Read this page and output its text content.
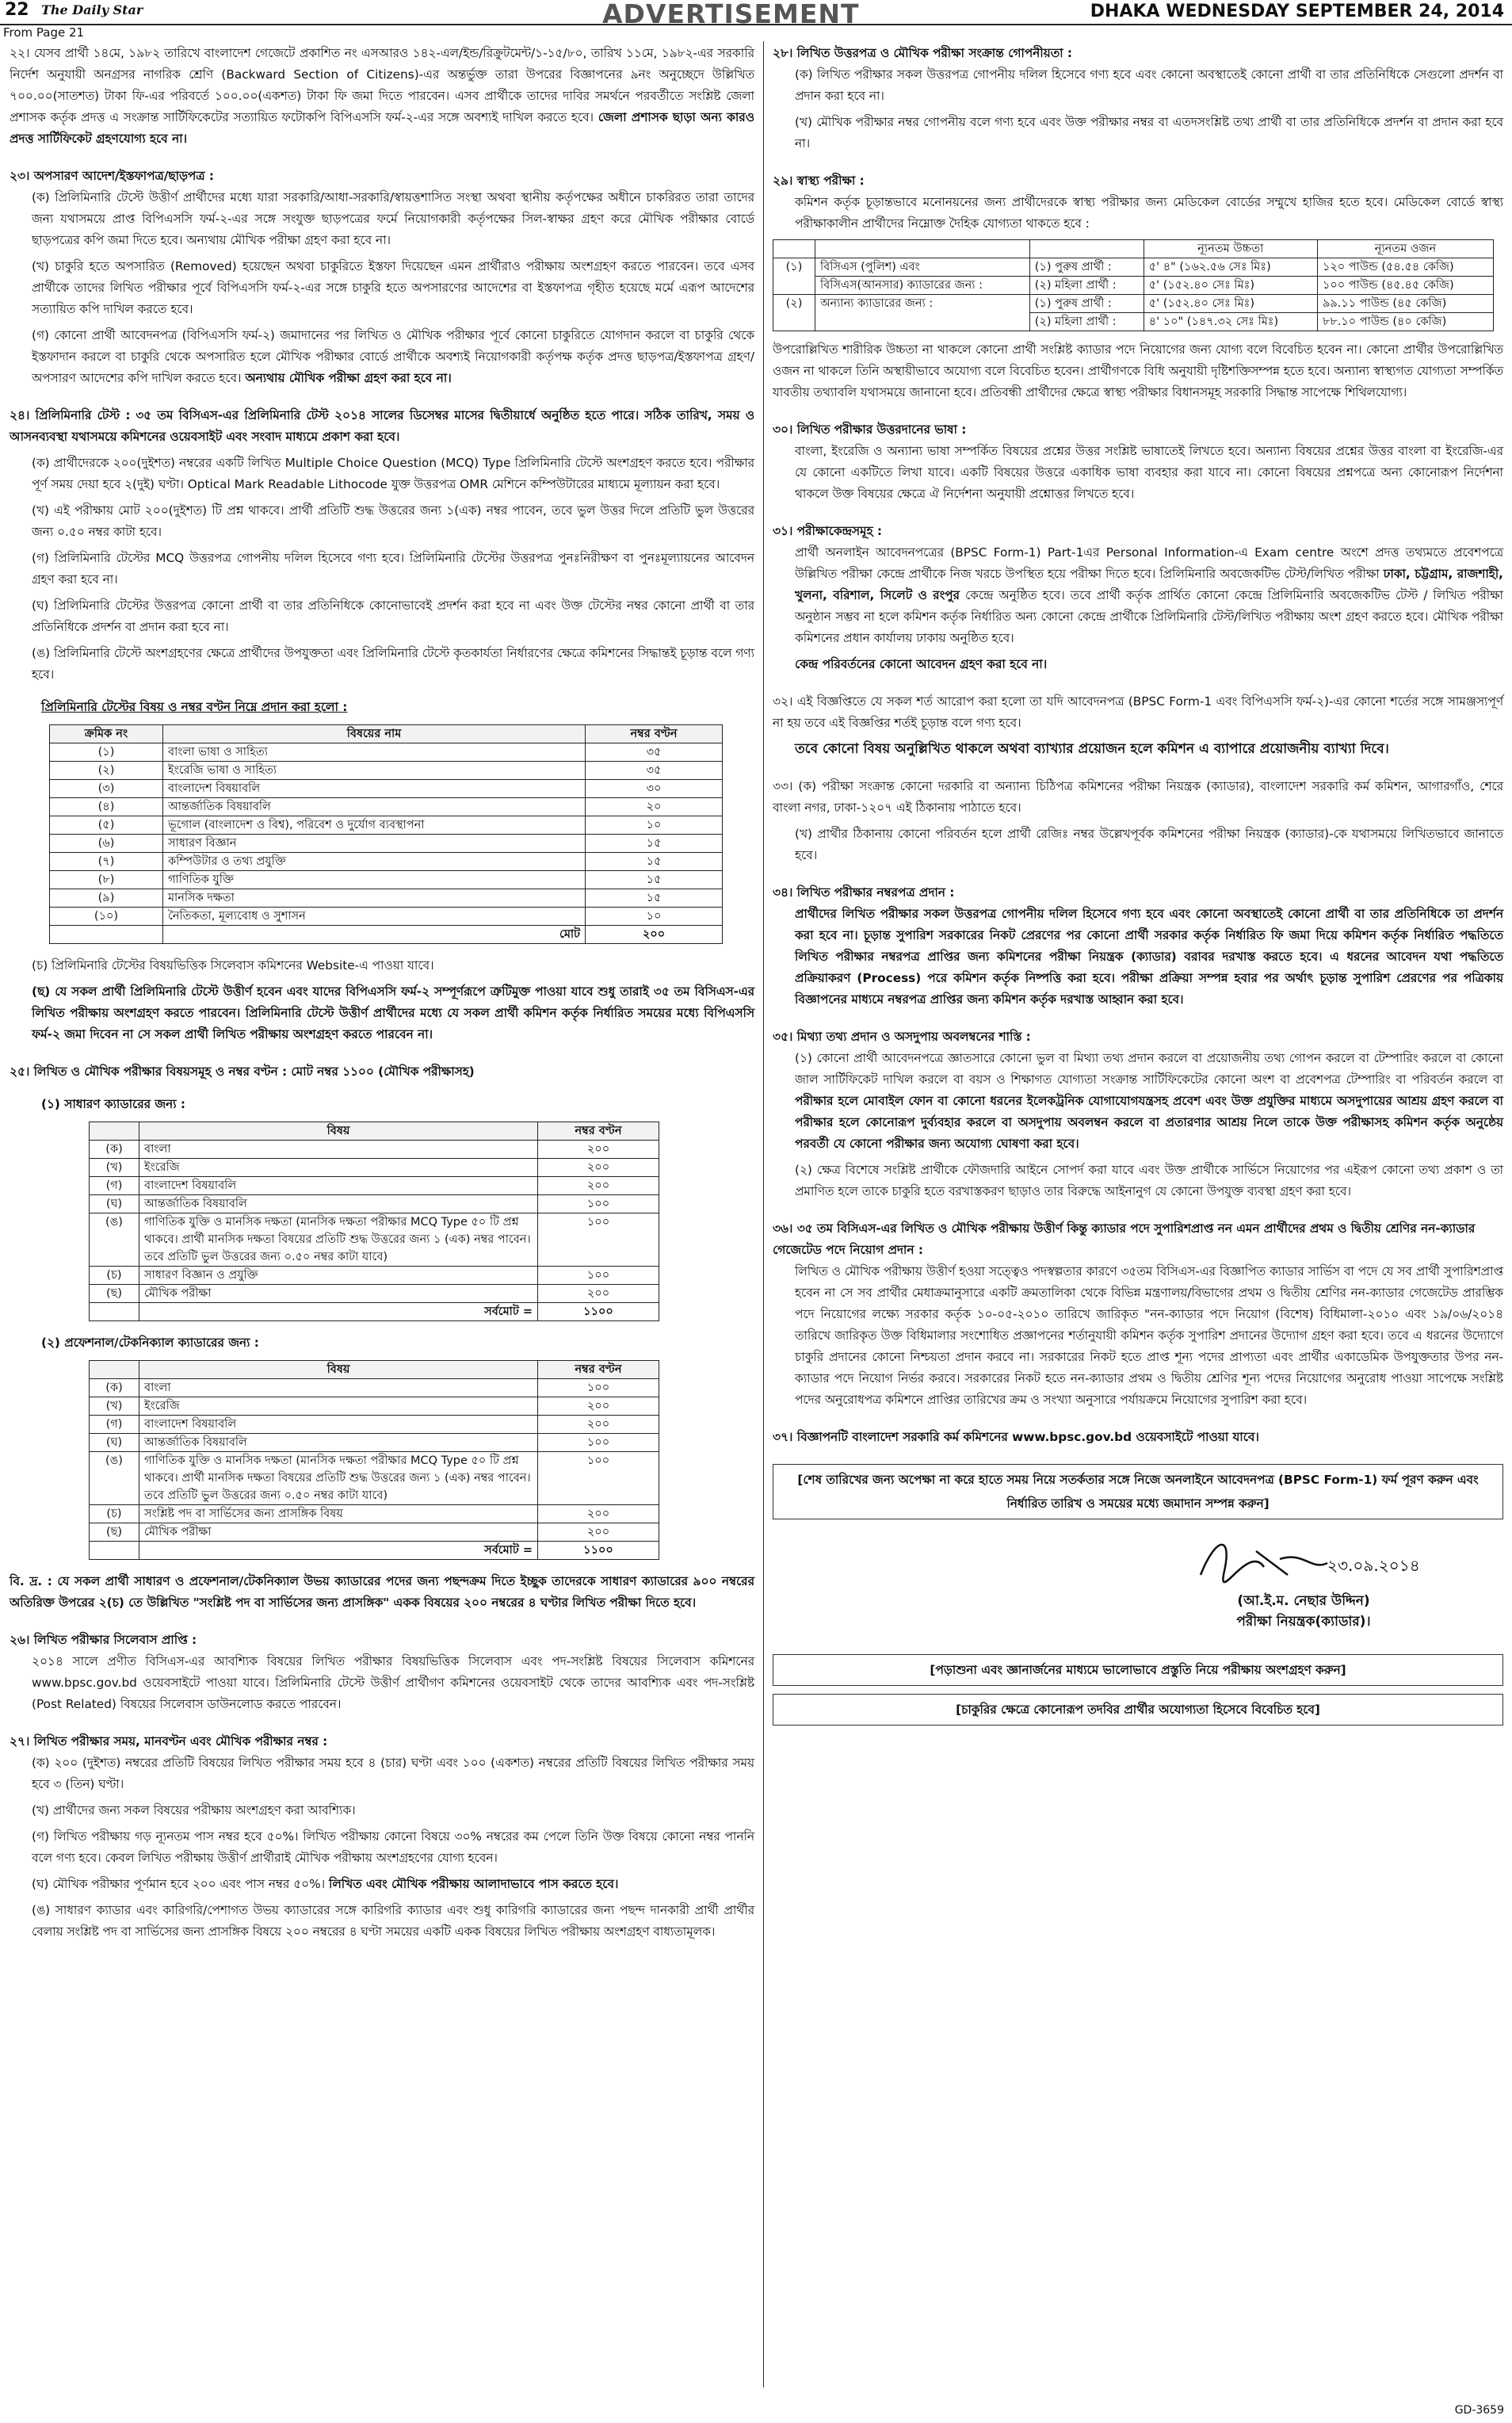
22 The Daily Star	ADVERTISEMENT	DHAKA WEDNESDAY SEPTEMBER 24, 2014
From Page 21

২২। যেসব প্রার্থী ১৪মে, ১৯৮২ তারিখে বাংলাদেশ গেজেটে প্রকাশিত নং এসআরও ১৪২-এল/ইন্ড/রিক্রুটমেন্ট/১-১৫/৮০, তারিখ ১১মে, ১৯৮২-এর সরকারি নির্দেশ অনুযায়ী অনগ্রসর নাগরিক শ্রেণি (Backward Section of Citizens)-এর অন্তর্ভুক্ত তারা উপরের বিজ্ঞাপনের ৯নং অনুচ্ছেদে উল্লিখিত ৭০০.০০(সাতশত) টাকা ফি-এর পরিবর্তে ১০০.০০(একশত) টাকা ফি জমা দিতে পারবেন। এসব প্রার্থীকে তাদের দাবির সমর্থনে পরবর্তীতে সংশ্লিষ্ট জেলা প্রশাসক কর্তৃক প্রদত্ত এ সংক্রান্ত সার্টিফিকেটের সত্যায়িত ফটোকপি বিপিএসসি ফর্ম-২-এর সঙ্গে অবশ্যই দাখিল করতে হবে। জেলা প্রশাসক ছাড়া অন্য কারও প্রদত্ত সার্টিফিকেট গ্রহণযোগ্য হবে না।

২৩। অপসারণ আদেশ/ইস্তফাপত্র/ছাড়পত্র :

(ক) প্রিলিমিনারি টেস্টে উত্তীর্ণ প্রার্থীদের মধ্যে যারা সরকারি/আধা-সরকারি/স্বায়ত্তশাসিত সংস্থা অথবা স্থানীয় কর্তৃপক্ষের অধীনে চাকরিরত তারা তাদের জন্য যথাসময়ে প্রাপ্ত বিপিএসসি ফর্ম-২-এর সঙ্গে সংযুক্ত ছাড়পত্রের ফর্মে নিয়োগকারী কর্তৃপক্ষের সিল-স্বাক্ষর গ্রহণ করে মৌখিক পরীক্ষার বোর্ডে ছাড়পত্রের কপি জমা দিতে হবে। অন্যথায় মৌখিক পরীক্ষা গ্রহণ করা হবে না।

(খ) চাকুরি হতে অপসারিত (Removed) হয়েছেন অথবা চাকুরিতে ইস্তফা দিয়েছেন এমন প্রার্থীরাও পরীক্ষায় অংশগ্রহণ করতে পারবেন। তবে এসব প্রার্থীকে তাদের লিখিত পরীক্ষার পূর্বে বিপিএসসি ফর্ম-২-এর সঙ্গে চাকুরি হতে অপসারণের আদেশের বা ইস্তফাপত্র গৃহীত হয়েছে মর্মে এরূপ আদেশের সত্যায়িত কপি দাখিল করতে হবে।

(গ) কোনো প্রার্থী আবেদনপত্র (বিপিএসসি ফর্ম-২) জমাদানের পর লিখিত ও মৌখিক পরীক্ষার পূর্বে কোনো চাকুরিতে যোগদান করলে বা চাকুরি থেকে ইস্তফাদান করলে বা চাকুরি থেকে অপসারিত হলে মৌখিক পরীক্ষার বোর্ডে প্রার্থীকে অবশ্যই নিয়োগকারী কর্তৃপক্ষ কর্তৃক প্রদত্ত ছাড়পত্র/ইস্তফাপত্র গ্রহণ/অপসারণ আদেশের কপি দাখিল করতে হবে। অন্যথায় মৌখিক পরীক্ষা গ্রহণ করা হবে না।

২৪। প্রিলিমিনারি টেস্ট : ৩৫ তম বিসিএস-এর প্রিলিমিনারি টেস্ট ২০১৪ সালের ডিসেম্বর মাসের দ্বিতীয়ার্ধে অনুষ্ঠিত হতে পারে। সঠিক তারিখ, সময় ও আসনব্যবস্থা যথাসময়ে কমিশনের ওয়েবসাইট এবং সংবাদ মাধ্যমে প্রকাশ করা হবে।

(ক) প্রার্থীদেরকে ২০০(দুইশত) নম্বরের একটি লিখিত Multiple Choice Question (MCQ) Type প্রিলিমিনারি টেস্টে অংশগ্রহণ করতে হবে। পরীক্ষার পূর্ণ সময় দেয়া হবে ২(দুই) ঘণ্টা। Optical Mark Readable Lithocode যুক্ত উত্তরপত্র OMR মেশিনে কম্পিউটারের মাধ্যমে মূল্যায়ন করা হবে।

(খ) এই পরীক্ষায় মোট ২০০(দুইশত) টি প্রশ্ন থাকবে। প্রার্থী প্রতিটি শুদ্ধ উত্তরের জন্য ১(এক) নম্বর পাবেন, তবে ভুল উত্তর দিলে প্রতিটি ভুল উত্তরের জন্য ০.৫০ নম্বর কাটা হবে।

(গ) প্রিলিমিনারি টেস্টের MCQ উত্তরপত্র গোপনীয় দলিল হিসেবে গণ্য হবে। প্রিলিমিনারি টেস্টের উত্তরপত্র পুনঃনিরীক্ষণ বা পুনঃমূল্যায়নের আবেদন গ্রহণ করা হবে না।

(ঘ) প্রিলিমিনারি টেস্টের উত্তরপত্র কোনো প্রার্থী বা তার প্রতিনিধিকে কোনোভাবেই প্রদর্শন করা হবে না এবং উক্ত টেস্টের নম্বর কোনো প্রার্থী বা তার প্রতিনিধিকে প্রদর্শন বা প্রদান করা হবে না।

(ঙ) প্রিলিমিনারি টেস্টে অংশগ্রহণের ক্ষেত্রে প্রার্থীদের উপযুক্ততা এবং প্রিলিমিনারি টেস্টে কৃতকার্যতা নির্ধারণের ক্ষেত্রে কমিশনের সিদ্ধান্তই চূড়ান্ত বলে গণ্য হবে।

প্রিলিমিনারি টেস্টের বিষয় ও নম্বর বণ্টন নিম্নে প্রদান করা হলো :
ক্রমিক নং	বিষয়ের নাম	নম্বর বণ্টন
(১)	বাংলা ভাষা ও সাহিত্য	৩৫
(২)	ইংরেজি ভাষা ও সাহিত্য	৩৫
(৩)	বাংলাদেশ বিষয়াবলি	৩০
(৪)	আন্তর্জাতিক বিষয়াবলি	২০
(৫)	ভূগোল (বাংলাদেশ ও বিশ্ব), পরিবেশ ও দুর্যোগ ব্যবস্থাপনা	১০
(৬)	সাধারণ বিজ্ঞান	১৫
(৭)	কম্পিউটার ও তথ্য প্রযুক্তি	১৫
(৮)	গাণিতিক যুক্তি	১৫
(৯)	মানসিক দক্ষতা	১৫
(১০)	নৈতিকতা, মূল্যবোধ ও সুশাসন	১০
	মোট	২০০

(চ) প্রিলিমিনারি টেস্টের বিষয়ভিত্তিক সিলেবাস কমিশনের Website-এ পাওয়া যাবে।

(ছ) যে সকল প্রার্থী প্রিলিমিনারি টেস্টে উত্তীর্ণ হবেন এবং যাদের বিপিএসসি ফর্ম-২ সম্পূর্ণরূপে ত্রুটিমুক্ত পাওয়া যাবে শুধু তারাই ৩৫ তম বিসিএস-এর লিখিত পরীক্ষায় অংশগ্রহণ করতে পারবেন। প্রিলিমিনারি টেস্টে উত্তীর্ণ প্রার্থীদের মধ্যে যে সকল প্রার্থী কমিশন কর্তৃক নির্ধারিত সময়ের মধ্যে বিপিএসসি ফর্ম-২ জমা দিবেন না সে সকল প্রার্থী লিখিত পরীক্ষায় অংশগ্রহণ করতে পারবেন না।

২৫। লিখিত ও মৌখিক পরীক্ষার বিষয়সমূহ ও নম্বর বণ্টন : মোট নম্বর ১১০০ (মৌখিক পরীক্ষাসহ)
(১) সাধারণ ক্যাডারের জন্য :
	বিষয়	নম্বর বণ্টন
(ক)	বাংলা	২০০
(খ)	ইংরেজি	২০০
(গ)	বাংলাদেশ বিষয়াবলি	২০০
(ঘ)	আন্তর্জাতিক বিষয়াবলি	১০০
(ঙ)	গাণিতিক যুক্তি ও মানসিক দক্ষতা (মানসিক দক্ষতা পরীক্ষার MCQ Type ৫০ টি প্রশ্ন থাকবে। প্রার্থী মানসিক দক্ষতা বিষয়ের প্রতিটি শুদ্ধ উত্তরের জন্য ১ (এক) নম্বর পাবেন। তবে প্রতিটি ভুল উত্তরের জন্য ০.৫০ নম্বর কাটা যাবে)	১০০
(চ)	সাধারণ বিজ্ঞান ও প্রযুক্তি	১০০
(ছ)	মৌখিক পরীক্ষা	২০০
	সর্বমোট =	১১০০
(২) প্রফেশনাল/টেকনিক্যাল ক্যাডারের জন্য :
	বিষয়	নম্বর বণ্টন
(ক)	বাংলা	১০০
(খ)	ইংরেজি	২০০
(গ)	বাংলাদেশ বিষয়াবলি	২০০
(ঘ)	আন্তর্জাতিক বিষয়াবলি	১০০
(ঙ)	গাণিতিক যুক্তি ও মানসিক দক্ষতা (মানসিক দক্ষতা পরীক্ষার MCQ Type ৫০ টি প্রশ্ন থাকবে। প্রার্থী মানসিক দক্ষতা বিষয়ের প্রতিটি শুদ্ধ উত্তরের জন্য ১ (এক) নম্বর পাবেন। তবে প্রতিটি ভুল উত্তরের জন্য ০.৫০ নম্বর কাটা যাবে)	১০০
(চ)	সংশ্লিষ্ট পদ বা সার্ভিসের জন্য প্রাসঙ্গিক বিষয়	২০০
(ছ)	মৌখিক পরীক্ষা	২০০
	সর্বমোট =	১১০০

বি. দ্র. : যে সকল প্রার্থী সাধারণ ও প্রফেশনাল/টেকনিক্যাল উভয় ক্যাডারের পদের জন্য পছন্দক্রম দিতে ইচ্ছুক তাদেরকে সাধারণ ক্যাডারের ৯০০ নম্বরের অতিরিক্ত উপরের ২(চ) তে উল্লিখিত "সংশ্লিষ্ট পদ বা সার্ভিসের জন্য প্রাসঙ্গিক" একক বিষয়ের ২০০ নম্বরের ৪ ঘণ্টার লিখিত পরীক্ষা দিতে হবে।

২৬। লিখিত পরীক্ষার সিলেবাস প্রাপ্তি :

২০১৪ সালে প্রণীত বিসিএস-এর আবশ্যিক বিষয়ের লিখিত পরীক্ষার বিষয়ভিত্তিক সিলেবাস এবং পদ-সংশ্লিষ্ট বিষয়ের সিলেবাস কমিশনের www.bpsc.gov.bd ওয়েবসাইটে পাওয়া যাবে। প্রিলিমিনারি টেস্টে উত্তীর্ণ প্রার্থীগণ কমিশনের ওয়েবসাইট থেকে তাদের আবশ্যিক এবং পদ-সংশ্লিষ্ট (Post Related) বিষয়ের সিলেবাস ডাউনলোড করতে পারবেন।

২৭। লিখিত পরীক্ষার সময়, মানবণ্টন এবং মৌখিক পরীক্ষার নম্বর :

(ক) ২০০ (দুইশত) নম্বরের প্রতিটি বিষয়ের লিখিত পরীক্ষার সময় হবে ৪ (চার) ঘণ্টা এবং ১০০ (একশত) নম্বরের প্রতিটি বিষয়ের লিখিত পরীক্ষার সময় হবে ৩ (তিন) ঘণ্টা।

(খ) প্রার্থীদের জন্য সকল বিষয়ের পরীক্ষায় অংশগ্রহণ করা আবশ্যিক।

(গ) লিখিত পরীক্ষায় গড় ন্যূনতম পাস নম্বর হবে ৫০%। লিখিত পরীক্ষায় কোনো বিষয়ে ৩০% নম্বরের কম পেলে তিনি উক্ত বিষয়ে কোনো নম্বর পাননি বলে গণ্য হবে। কেবল লিখিত পরীক্ষায় উত্তীর্ণ প্রার্থীরাই মৌখিক পরীক্ষায় অংশগ্রহণের যোগ্য হবেন।

(ঘ) মৌখিক পরীক্ষার পূর্ণমান হবে ২০০ এবং পাস নম্বর ৫০%। লিখিত এবং মৌখিক পরীক্ষায় আলাদাভাবে পাস করতে হবে।

(ঙ) সাধারণ ক্যাডার এবং কারিগরি/পেশাগত উভয় ক্যাডারের সঙ্গে কারিগরি ক্যাডার এবং শুধু কারিগরি ক্যাডারের জন্য পছন্দ দানকারী প্রার্থী প্রার্থীর বেলায় সংশ্লিষ্ট পদ বা সার্ভিসের জন্য প্রাসঙ্গিক বিষয়ে ২০০ নম্বরের ৪ ঘণ্টা সময়ের একটি একক বিষয়ের লিখিত পরীক্ষায় অংশগ্রহণ বাধ্যতামূলক।

২৮। লিখিত উত্তরপত্র ও মৌখিক পরীক্ষা সংক্রান্ত গোপনীয়তা :

(ক) লিখিত পরীক্ষার সকল উত্তরপত্র গোপনীয় দলিল হিসেবে গণ্য হবে এবং কোনো অবস্থাতেই কোনো প্রার্থী বা তার প্রতিনিধিকে সেগুলো প্রদর্শন বা প্রদান করা হবে না।

(খ) মৌখিক পরীক্ষার নম্বর গোপনীয় বলে গণ্য হবে এবং উক্ত পরীক্ষার নম্বর বা এতদসংশ্লিষ্ট তথ্য প্রার্থী বা তার প্রতিনিধিকে প্রদর্শন বা প্রদান করা হবে না।

২৯। স্বাস্থ্য পরীক্ষা :

কমিশন কর্তৃক চূড়ান্তভাবে মনোনয়নের জন্য প্রার্থীদেরকে স্বাস্থ্য পরীক্ষার জন্য মেডিকেল বোর্ডের সম্মুখে হাজির হতে হবে। মেডিকেল বোর্ডে স্বাস্থ্য পরীক্ষাকালীন প্রার্থীদের নিম্নোক্ত দৈহিক যোগ্যতা থাকতে হবে :

			ন্যূনতম উচ্চতা	ন্যূনতম ওজন
(১)	বিসিএস (পুলিশ) এবং	(১) পুরুষ প্রার্থী :	৫' ৪" (১৬২.৫৬ সেঃ মিঃ)	১২০ পাউন্ড (৫৪.৫৪ কেজি)
	বিসিএস(আনসার) ক্যাডারের জন্য :	(২) মহিলা প্রার্থী :	৫' (১৫২.৪০ সেঃ মিঃ)	১০০ পাউন্ড (৪৫.৪৫ কেজি)
(২)	অন্যান্য ক্যাডারের জন্য :	(১) পুরুষ প্রার্থী :	৫' (১৫২.৪০ সেঃ মিঃ)	৯৯.১১ পাউন্ড (৪৫ কেজি)
		(২) মহিলা প্রার্থী :	৪' ১০" (১৪৭.৩২ সেঃ মিঃ)	৮৮.১০ পাউন্ড (৪০ কেজি)

উপরোল্লিখিত শারীরিক উচ্চতা না থাকলে কোনো প্রার্থী সংশ্লিষ্ট ক্যাডার পদে নিয়োগের জন্য যোগ্য বলে বিবেচিত হবেন না। কোনো প্রার্থীর উপরোল্লিখিত ওজন না থাকলে তিনি অস্থায়ীভাবে অযোগ্য বলে বিবেচিত হবেন। প্রার্থীগণকে বিধি অনুযায়ী দৃষ্টিশক্তিসম্পন্ন হতে হবে। অন্যান্য স্বাস্থ্যগত যোগ্যতা সম্পর্কিত যাবতীয় তথ্যাবলি যথাসময়ে জানানো হবে। প্রতিবন্ধী প্রার্থীদের ক্ষেত্রে স্বাস্থ্য পরীক্ষার বিধানসমূহ সরকারি সিদ্ধান্ত সাপেক্ষে শিথিলযোগ্য।

৩০। লিখিত পরীক্ষার উত্তরদানের ভাষা :

বাংলা, ইংরেজি ও অন্যান্য ভাষা সম্পর্কিত বিষয়ের প্রশ্নের উত্তর সংশ্লিষ্ট ভাষাতেই লিখতে হবে। অন্যান্য বিষয়ের প্রশ্নের উত্তর বাংলা বা ইংরেজি-এর যে কোনো একটিতে লিখা যাবে। একটি বিষয়ের উত্তরে একাধিক ভাষা ব্যবহার করা যাবে না। কোনো বিষয়ের প্রশ্নপত্রে অন্য কোনোরূপ নির্দেশনা থাকলে উক্ত বিষয়ের ক্ষেত্রে ঐ নির্দেশনা অনুযায়ী প্রশ্নোত্তর লিখতে হবে।

৩১। পরীক্ষাকেন্দ্রসমূহ :

প্রার্থী অনলাইন আবেদনপত্রের (BPSC Form-1) Part-1এর Personal Information-এ Exam centre অংশে প্রদত্ত তথ্যমতে প্রবেশপত্রে উল্লিখিত পরীক্ষা কেন্দ্রে প্রার্থীকে নিজ খরচে উপস্থিত হয়ে পরীক্ষা দিতে হবে। প্রিলিমিনারি অবজেকটিভ টেস্ট/লিখিত পরীক্ষা ঢাকা, চট্টগ্রাম, রাজশাহী, খুলনা, বরিশাল, সিলেট ও রংপুর কেন্দ্রে অনুষ্ঠিত হবে। তবে প্রার্থী কর্তৃক প্রার্থিত কোনো কেন্দ্রে প্রিলিমিনারি অবজেকটিভ টেস্ট / লিখিত পরীক্ষা অনুষ্ঠান সম্ভব না হলে কমিশন কর্তৃক নির্ধারিত অন্য কোনো কেন্দ্রে প্রার্থীকে প্রিলিমিনারি টেস্ট/লিখিত পরীক্ষায় অংশ গ্রহণ করতে হবে। মৌখিক পরীক্ষা কমিশনের প্রধান কার্যালয় ঢাকায় অনুষ্ঠিত হবে।

কেন্দ্র পরিবর্তনের কোনো আবেদন গ্রহণ করা হবে না।

৩২। এই বিজ্ঞপ্তিতে যে সকল শর্ত আরোপ করা হলো তা যদি আবেদনপত্র (BPSC Form-1 এবং বিপিএসসি ফর্ম-২)-এর কোনো শর্তের সঙ্গে সামঞ্জস্যপূর্ণ না হয় তবে এই বিজ্ঞপ্তির শর্তই চূড়ান্ত বলে গণ্য হবে।

তবে কোনো বিষয় অনুল্লিখিত থাকলে অথবা ব্যাখ্যার প্রয়োজন হলে কমিশন এ ব্যাপারে প্রয়োজনীয় ব্যাখ্যা দিবে।

৩৩। (ক) পরীক্ষা সংক্রান্ত কোনো দরকারি বা অন্যান্য চিঠিপত্র কমিশনের পরীক্ষা নিয়ন্ত্রক (ক্যাডার), বাংলাদেশ সরকারি কর্ম কমিশন, আগারগাঁও, শেরে বাংলা নগর, ঢাকা-১২০৭ এই ঠিকানায় পাঠাতে হবে।

(খ) প্রার্থীর ঠিকানায় কোনো পরিবর্তন হলে প্রার্থী রেজিঃ নম্বর উল্লেখপূর্বক কমিশনের পরীক্ষা নিয়ন্ত্রক (ক্যাডার)-কে যথাসময়ে লিখিতভাবে জানাতে হবে।

৩৪। লিখিত পরীক্ষার নম্বরপত্র প্রদান :

প্রার্থীদের লিখিত পরীক্ষার সকল উত্তরপত্র গোপনীয় দলিল হিসেবে গণ্য হবে এবং কোনো অবস্থাতেই কোনো প্রার্থী বা তার প্রতিনিধিকে তা প্রদর্শন করা হবে না। চূড়ান্ত সুপারিশ সরকারের নিকট প্রেরণের পর কোনো প্রার্থী সরকার কর্তৃক নির্ধারিত ফি জমা দিয়ে কমিশন কর্তৃক নির্ধারিত পদ্ধতিতে লিখিত পরীক্ষার নম্বরপত্র প্রাপ্তির জন্য কমিশনের পরীক্ষা নিয়ন্ত্রক (ক্যাডার) বরাবর দরখাস্ত করতে হবে। এ ধরনের আবেদন যথা পদ্ধতিতে প্রক্রিয়াকরণ (Process) পরে কমিশন কর্তৃক নিষ্পত্তি করা হবে। পরীক্ষা প্রক্রিয়া সম্পন্ন হবার পর অর্থাৎ চূড়ান্ত সুপারিশ প্রেরণের পর পত্রিকায় বিজ্ঞাপনের মাধ্যমে নম্বরপত্র প্রাপ্তির জন্য কমিশন কর্তৃক দরখাস্ত আহ্বান করা হবে।

৩৫। মিথ্যা তথ্য প্রদান ও অসদুপায় অবলম্বনের শাস্তি :

(১) কোনো প্রার্থী আবেদনপত্রে জ্ঞাতসারে কোনো ভুল বা মিথ্যা তথ্য প্রদান করলে বা প্রয়োজনীয় তথ্য গোপন করলে বা টেম্পারিং করলে বা কোনো জাল সার্টিফিকেট দাখিল করলে বা বয়স ও শিক্ষাগত যোগ্যতা সংক্রান্ত সার্টিফিকেটের কোনো অংশ বা প্রবেশপত্র টেম্পারিং বা পরিবর্তন করলে বা পরীক্ষার হলে মোবাইল ফোন বা কোনো ধরনের ইলেকট্রনিক যোগাযোগযন্ত্রসহ প্রবেশ এবং উক্ত প্রযুক্তির মাধ্যমে অসদুপায়ের আশ্রয় গ্রহণ করলে বা পরীক্ষার হলে কোনোরূপ দুর্ব্যবহার করলে বা অসদুপায় অবলম্বন করলে বা প্রতারণার আশ্রয় নিলে তাকে উক্ত পরীক্ষাসহ কমিশন কর্তৃক অনুষ্ঠেয় পরবর্তী যে কোনো পরীক্ষার জন্য অযোগ্য ঘোষণা করা হবে।

(২) ক্ষেত্র বিশেষে সংশ্লিষ্ট প্রার্থীকে ফৌজদারি আইনে সোপর্দ করা যাবে এবং উক্ত প্রার্থীকে সার্ভিসে নিয়োগের পর এইরূপ কোনো তথ্য প্রকাশ ও তা প্রমাণিত হলে তাকে চাকুরি হতে বরখাস্তকরণ ছাড়াও তার বিরুদ্ধে আইনানুগ যে কোনো উপযুক্ত ব্যবস্থা গ্রহণ করা হবে।

৩৬। ৩৫ তম বিসিএস-এর লিখিত ও মৌখিক পরীক্ষায় উত্তীর্ণ কিন্তু ক্যাডার পদে সুপারিশপ্রাপ্ত নন এমন প্রার্থীদের প্রথম ও দ্বিতীয় শ্রেণির নন-ক্যাডার গেজেটেড পদে নিয়োগ প্রদান :

লিখিত ও মৌখিক পরীক্ষায় উত্তীর্ণ হওয়া সত্ত্বেও পদস্বল্পতার কারণে ৩৫তম বিসিএস-এর বিজ্ঞাপিত ক্যাডার সার্ভিস বা পদে যে সব প্রার্থী সুপারিশপ্রাপ্ত হবেন না সে সব প্রার্থীর মেধাক্রমানুসারে একটি ক্রমতালিকা থেকে বিভিন্ন মন্ত্রণালয়/বিভাগের প্রথম ও দ্বিতীয় শ্রেণির নন-ক্যাডার গেজেটেড প্রারম্ভিক পদে নিয়োগের লক্ষ্যে সরকার কর্তৃক ১০-০৫-২০১০ তারিখে জারিকৃত "নন-ক্যাডার পদে নিয়োগ (বিশেষ) বিধিমালা-২০১০ এবং ১৯/০৬/২০১৪ তারিখে জারিকৃত উক্ত বিধিমালার সংশোধিত প্রজ্ঞাপনের শর্তানুযায়ী কমিশন কর্তৃক সুপারিশ প্রদানের উদ্যোগ গ্রহণ করা হবে। তবে এ ধরনের উদ্যোগে চাকুরি প্রদানের কোনো নিশ্চয়তা প্রদান করবে না। সরকারের নিকট হতে প্রাপ্ত শূন্য পদের প্রাপ্যতা এবং প্রার্থীর একাডেমিক উপযুক্ততার উপর নন-ক্যাডার পদে নিয়োগ নির্ভর করবে। সরকারের নিকট হতে নন-ক্যাডার প্রথম ও দ্বিতীয় শ্রেণির শূন্য পদের নিয়োগের অনুরোধ পাওয়া সাপেক্ষে সংশ্লিষ্ট পদের অনুরোধপত্র কমিশনে প্রাপ্তির তারিখের ক্রম ও সংখ্যা অনুসারে পর্যায়ক্রমে নিয়োগের সুপারিশ করা হবে।

৩৭। বিজ্ঞাপনটি বাংলাদেশ সরকারি কর্ম কমিশনের www.bpsc.gov.bd ওয়েবসাইটে পাওয়া যাবে।

[শেষ তারিখের জন্য অপেক্ষা না করে হাতে সময় নিয়ে সতর্কতার সঙ্গে নিজে অনলাইনে আবেদনপত্র (BPSC Form-1) ফর্ম পূরণ করুন এবং নির্ধারিত তারিখ ও সময়ের মধ্যে জমাদান সম্পন্ন করুন]
২৩.০৯.২০১৪
(আ.ই.ম. নেছার উদ্দিন)
পরীক্ষা নিয়ন্ত্রক(ক্যাডার)।
[পড়াশুনা এবং জ্ঞানার্জনের মাধ্যমে ভালোভাবে প্রস্তুতি নিয়ে পরীক্ষায় অংশগ্রহণ করুন]
[চাকুরির ক্ষেত্রে কোনোরূপ তদবির প্রার্থীর অযোগ্যতা হিসেবে বিবেচিত হবে]
GD-3659
